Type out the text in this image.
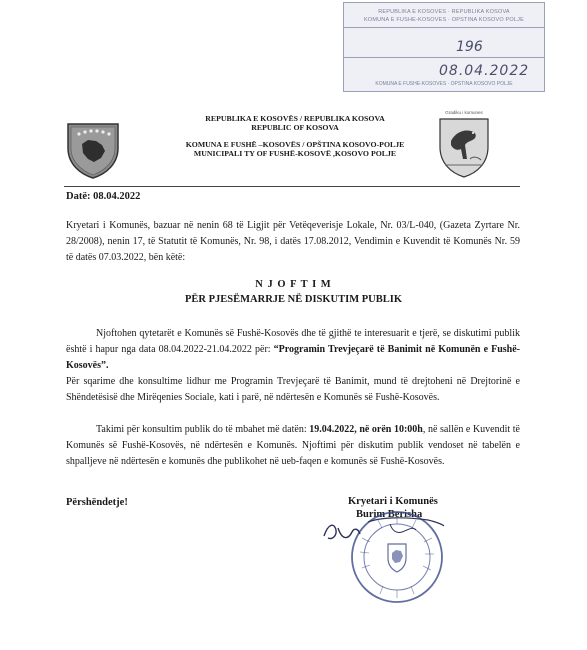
REPUBLIKA E KOSOVËS · REPUBLIKA KOSOVA
KOMUNA E FUSHË-KOSOVËS · OPŠTINA KOSOVO POLJE
196
08.04.2022
KOMUNA E FUSHË-KOSOVËS · OPŠTINA KOSOVO POLJE
Gradiku i komunes
REPUBLIKA E KOSOVËS / REPUBLIKA KOSOVA
REPUBLIC OF KOSOVA
KOMUNA E FUSHË –KOSOVËS / OPŠTINA KOSOVO-POLJE
MUNICIPALI TY OF FUSHË-KOSOVË ,KOSOVO POLJE
Datë: 08.04.2022
Kryetari i Komunës, bazuar në nenin 68 të Ligjit për Vetëqeverisje Lokale, Nr. 03/L-040, (Gazeta Zyrtare Nr. 28/2008), nenin 17, të Statutit të Komunës, Nr. 98, i datës 17.08.2012, Vendimin e Kuvendit të Komunës Nr. 59 të datës 07.03.2022, bën këtë:
N J O F T I M
PËR PJESËMARRJE NË DISKUTIM PUBLIK
Njoftohen qytetarët e Komunës së Fushë-Kosovës dhe të gjithë te interesuarit e tjerë, se diskutimi publik është i hapur nga data 08.04.2022-21.04.2022 për: “Programin Trevjeçarë të Banimit në Komunën e Fushë-Kosovës”.
Për sqarime dhe konsultime lidhur me Programin Trevjeçarë të Banimit, mund të drejtoheni në Drejtorinë e Shëndetësisë dhe Mirëqenies Sociale, kati i parë, në ndërtesën e Komunës së Fushë-Kosovës.
Takimi për konsultim publik do të mbahet më datën: 19.04.2022, në orën 10:00h, në sallën e Kuvendit të Komunës së Fushë-Kosovës, në ndërtesën e Komunës. Njoftimi për diskutim publik vendoset në tabelën e shpalljeve në ndërtesën e komunës dhe publikohet në ueb-faqen e komunës së Fushë-Kosovës.
Përshëndetje!	Kryetari i Komunës
Burim Berisha
